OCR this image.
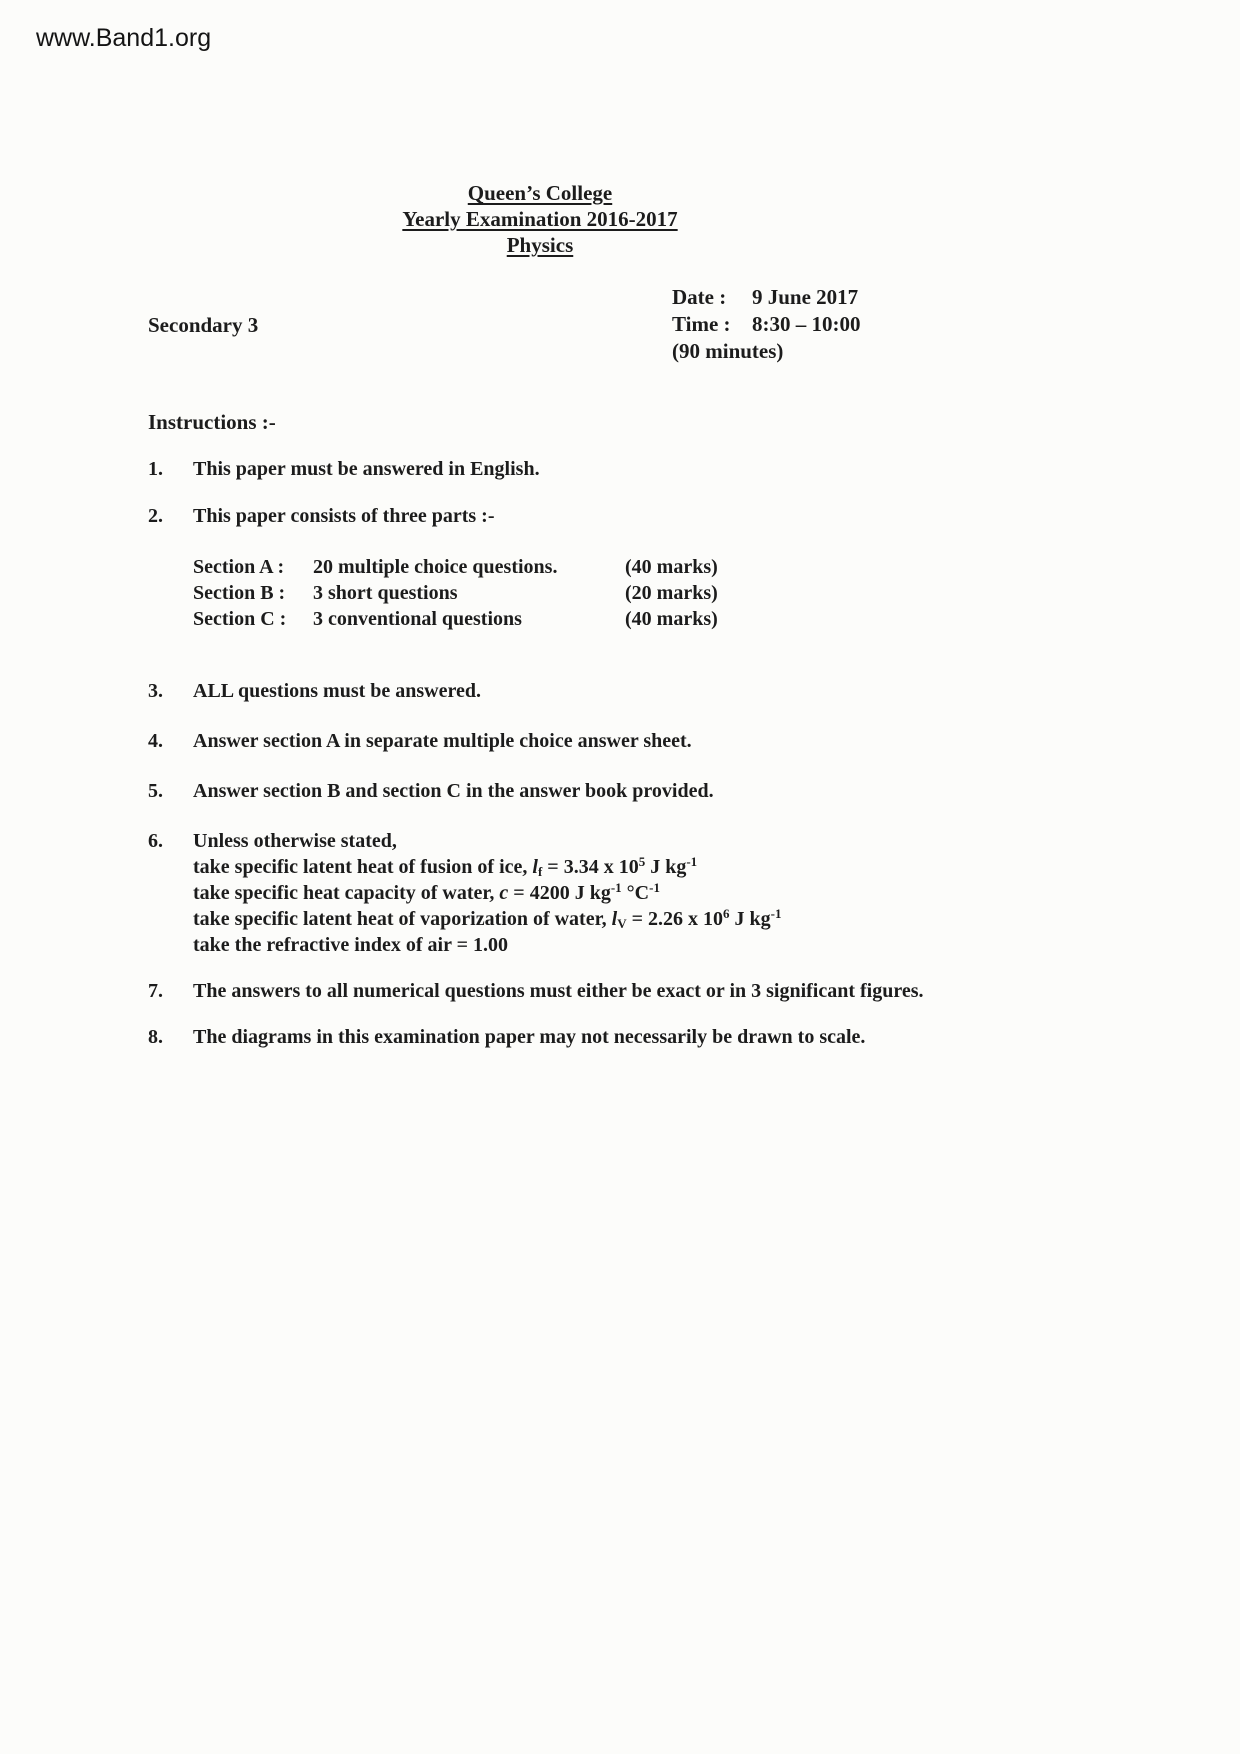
www.Band1.org
Queen’s College
Yearly Examination 2016-2017
Physics
Secondary 3
Date :	9 June 2017
Time :	8:30 – 10:00
(90 minutes)
Instructions :-
1.	This paper must be answered in English.
2.	This paper consists of three parts :-
Section A :	20 multiple choice questions.	(40 marks)
Section B :	3 short questions	(20 marks)
Section C :	3 conventional questions	(40 marks)
3.	ALL questions must be answered.
4.	Answer section A in separate multiple choice answer sheet.
5.	Answer section B and section C in the answer book provided.
6.	Unless otherwise stated,
take specific latent heat of fusion of ice, $l_f = 3.34$ x $10^5$ J $kg^{-1}$
take specific heat capacity of water, c = 4200 J $kg^{-1}$ $^\circ C^{-1}$
take specific latent heat of vaporization of water, $l_V = 2.26$ x $10^6$ J $kg^{-1}$
take the refractive index of air = 1.00
7.	The answers to all numerical questions must either be exact or in 3 significant figures.
8.	The diagrams in this examination paper may not necessarily be drawn to scale.
